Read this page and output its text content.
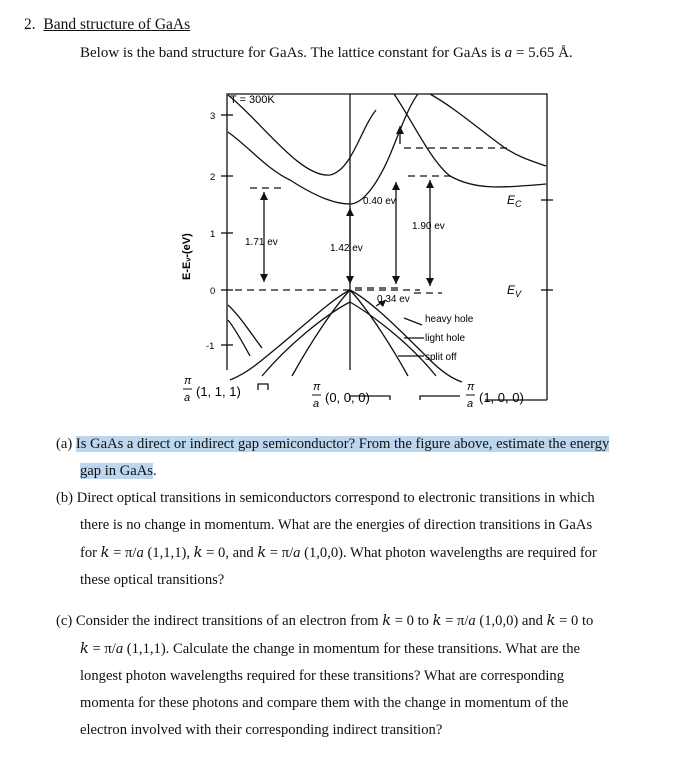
2. Band structure of GaAs
Below is the band structure for GaAs. The lattice constant for GaAs is a = 5.65 Å.
T = 300K
E-Eᵥ-(eV)
3
2
1
0
-1
0.40 ev
1.71 ev
1.42 ev
1.90 ev
0.34 ev
$E_C$
$E_V$
heavy hole
light hole
split off
π
a (1, 1, 1)	π
a (0, 0, 0)
π
a (1, 0, 0)
(a) Is GaAs a direct or indirect gap semiconductor? From the figure above, estimate the energy
gap in GaAs.
(b) Direct optical transitions in semiconductors correspond to electronic transitions in which
there is no change in momentum. What are the energies of direction transitions in GaAs
for k = π/a (1,1,1), k = 0, and k = π/a (1,0,0). What photon wavelengths are required for
these optical transitions?
(c) Consider the indirect transitions of an electron from k = 0 to k = π/a (1,0,0) and k = 0 to
k = π/a (1,1,1). Calculate the change in momentum for these transitions. What are the
longest photon wavelengths required for these transitions? What are corresponding
momenta for these photons and compare them with the change in momentum of the
electron involved with their corresponding indirect transition?
